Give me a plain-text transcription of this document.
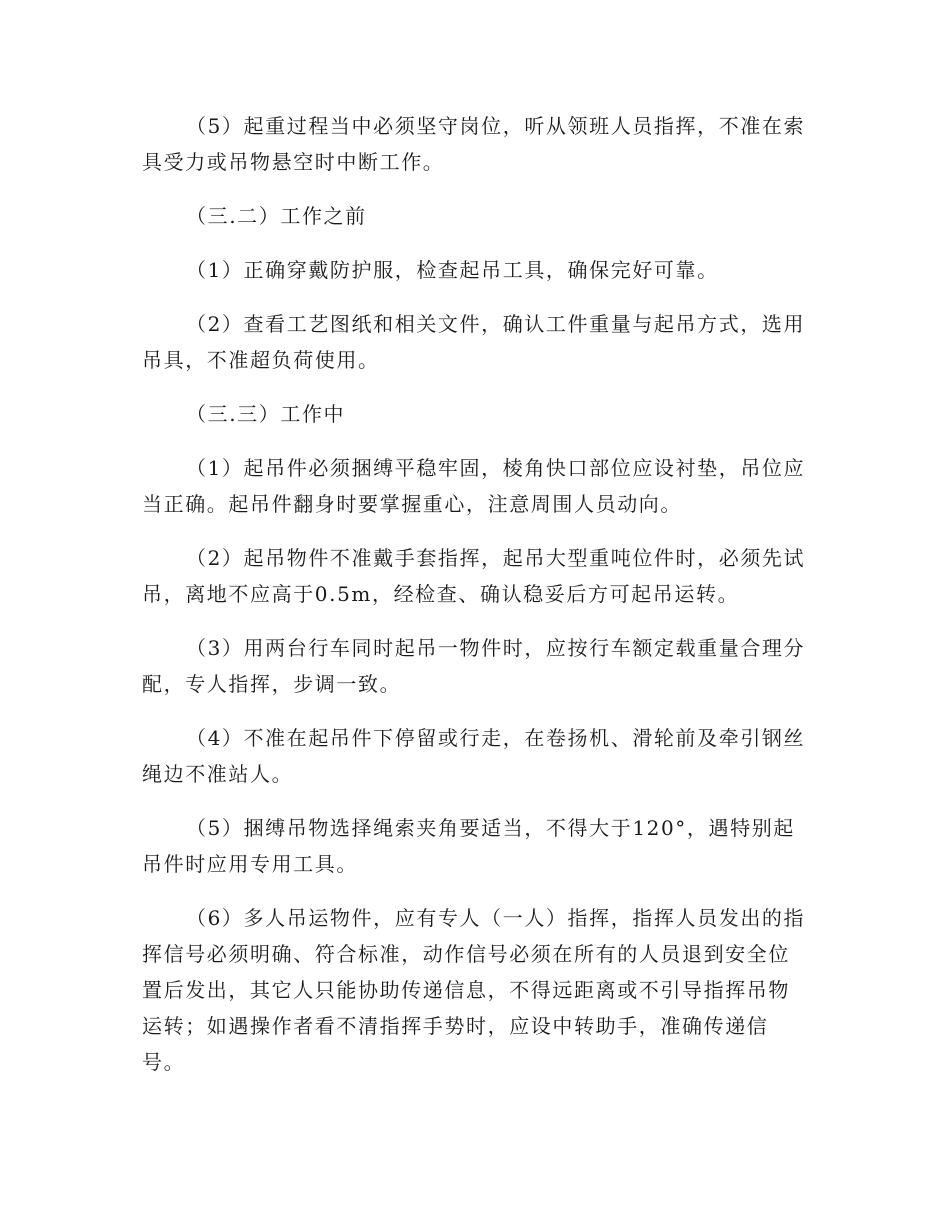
（5）起重过程当中必须坚守岗位，听从领班人员指挥，不准在索具受力或吊物悬空时中断工作。

（三.二）工作之前

（1）正确穿戴防护服，检查起吊工具，确保完好可靠。

（2）查看工艺图纸和相关文件，确认工件重量与起吊方式，选用吊具，不准超负荷使用。

（三.三）工作中

（1）起吊件必须捆缚平稳牢固，棱角快口部位应设衬垫，吊位应当正确。起吊件翻身时要掌握重心，注意周围人员动向。

（2）起吊物件不准戴手套指挥，起吊大型重吨位件时，必须先试吊，离地不应高于0.5m，经检查、确认稳妥后方可起吊运转。

（3）用两台行车同时起吊一物件时，应按行车额定载重量合理分配，专人指挥，步调一致。

（4）不准在起吊件下停留或行走，在卷扬机、滑轮前及牵引钢丝绳边不准站人。

（5）捆缚吊物选择绳索夹角要适当，不得大于120°，遇特别起吊件时应用专用工具。

（6）多人吊运物件，应有专人（一人）指挥，指挥人员发出的指挥信号必须明确、符合标准，动作信号必须在所有的人员退到安全位置后发出，其它人只能协助传递信息，不得远距离或不引导指挥吊物运转；如遇操作者看不清指挥手势时，应设中转助手，准确传递信号。
